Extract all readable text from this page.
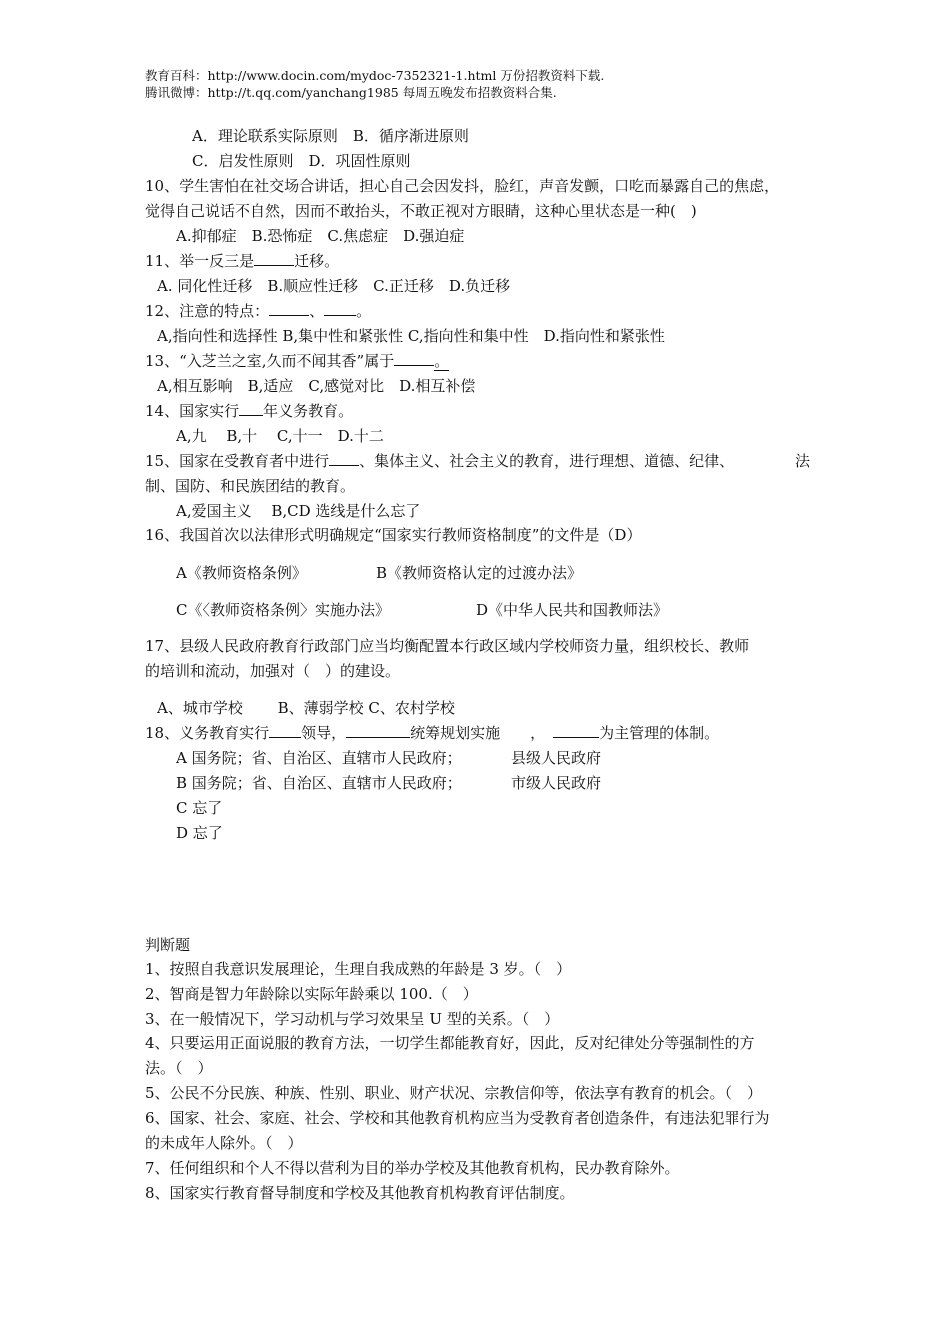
教育百科：http://www.docin.com/mydoc-7352321-1.html 万份招教资料下载.
腾讯微博：http://t.qq.com/yanchang1985 每周五晚发布招教资料合集.
A．理论联系实际原则　B．循序渐进原则
C．启发性原则　D．巩固性原则
10、学生害怕在社交场合讲话，担心自己会因发抖，脸红，声音发颤，口吃而暴露自己的焦虑，
觉得自己说话不自然，因而不敢抬头，不敢正视对方眼睛，这种心里状态是一种(　)
A.抑郁症　B.恐怖症　C.焦虑症　D.强迫症
11、举一反三是	迁移。
A. 同化性迁移　B.顺应性迁移　C.正迁移　D.负迁移
12、注意的特点：	、 。
A,指向性和选择性 B,集中性和紧张性 C,指向性和集中性　D.指向性和紧张性
13、“入芝兰之室,久而不闻其香”属于	。
A,相互影响　B,适应　C,感觉对比　D.相互补偿
14、国家实行 年义务教育。
A,九　 B,十　 C,十一　D.十二
15、国家在受教育者中进行 、集体主义、社会主义的教育，进行理想、道德、纪律、	法
制、国防、和民族团结的教育。
A,爱国主义　 B,CD 选线是什么忘了
16、我国首次以法律形式明确规定“国家实行教师资格制度”的文件是（D）
A《教师资格条例》	B《教师资格认定的过渡办法》
C《〈教师资格条例〉实施办法》	D《中华人民共和国教师法》
17、县级人民政府教育行政部门应当均衡配置本行政区域内学校师资力量，组织校长、教师
的培训和流动，加强对（　）的建设。
A、城市学校　　 B、薄弱学校 C、农村学校
18、义务教育实行 领导，	统筹规划实施　　，	为主管理的体制。
A 国务院；省、自治区、直辖市人民政府；	县级人民政府
B 国务院；省、自治区、直辖市人民政府；	市级人民政府
C 忘了
D 忘了
判断题
1、按照自我意识发展理论，生理自我成熟的年龄是 3 岁。（　）
2、智商是智力年龄除以实际年龄乘以 100.（　）
3、在一般情况下，学习动机与学习效果呈 U 型的关系。（　）
4、只要运用正面说服的教育方法，一切学生都能教育好，因此，反对纪律处分等强制性的方
法。（　）
5、公民不分民族、种族、性别、职业、财产状况、宗教信仰等，依法享有教育的机会。（　）
6、国家、社会、家庭、社会、学校和其他教育机构应当为受教育者创造条件，有违法犯罪行为
的未成年人除外。（　）
7、任何组织和个人不得以营利为目的举办学校及其他教育机构，民办教育除外。
8、国家实行教育督导制度和学校及其他教育机构教育评估制度。
